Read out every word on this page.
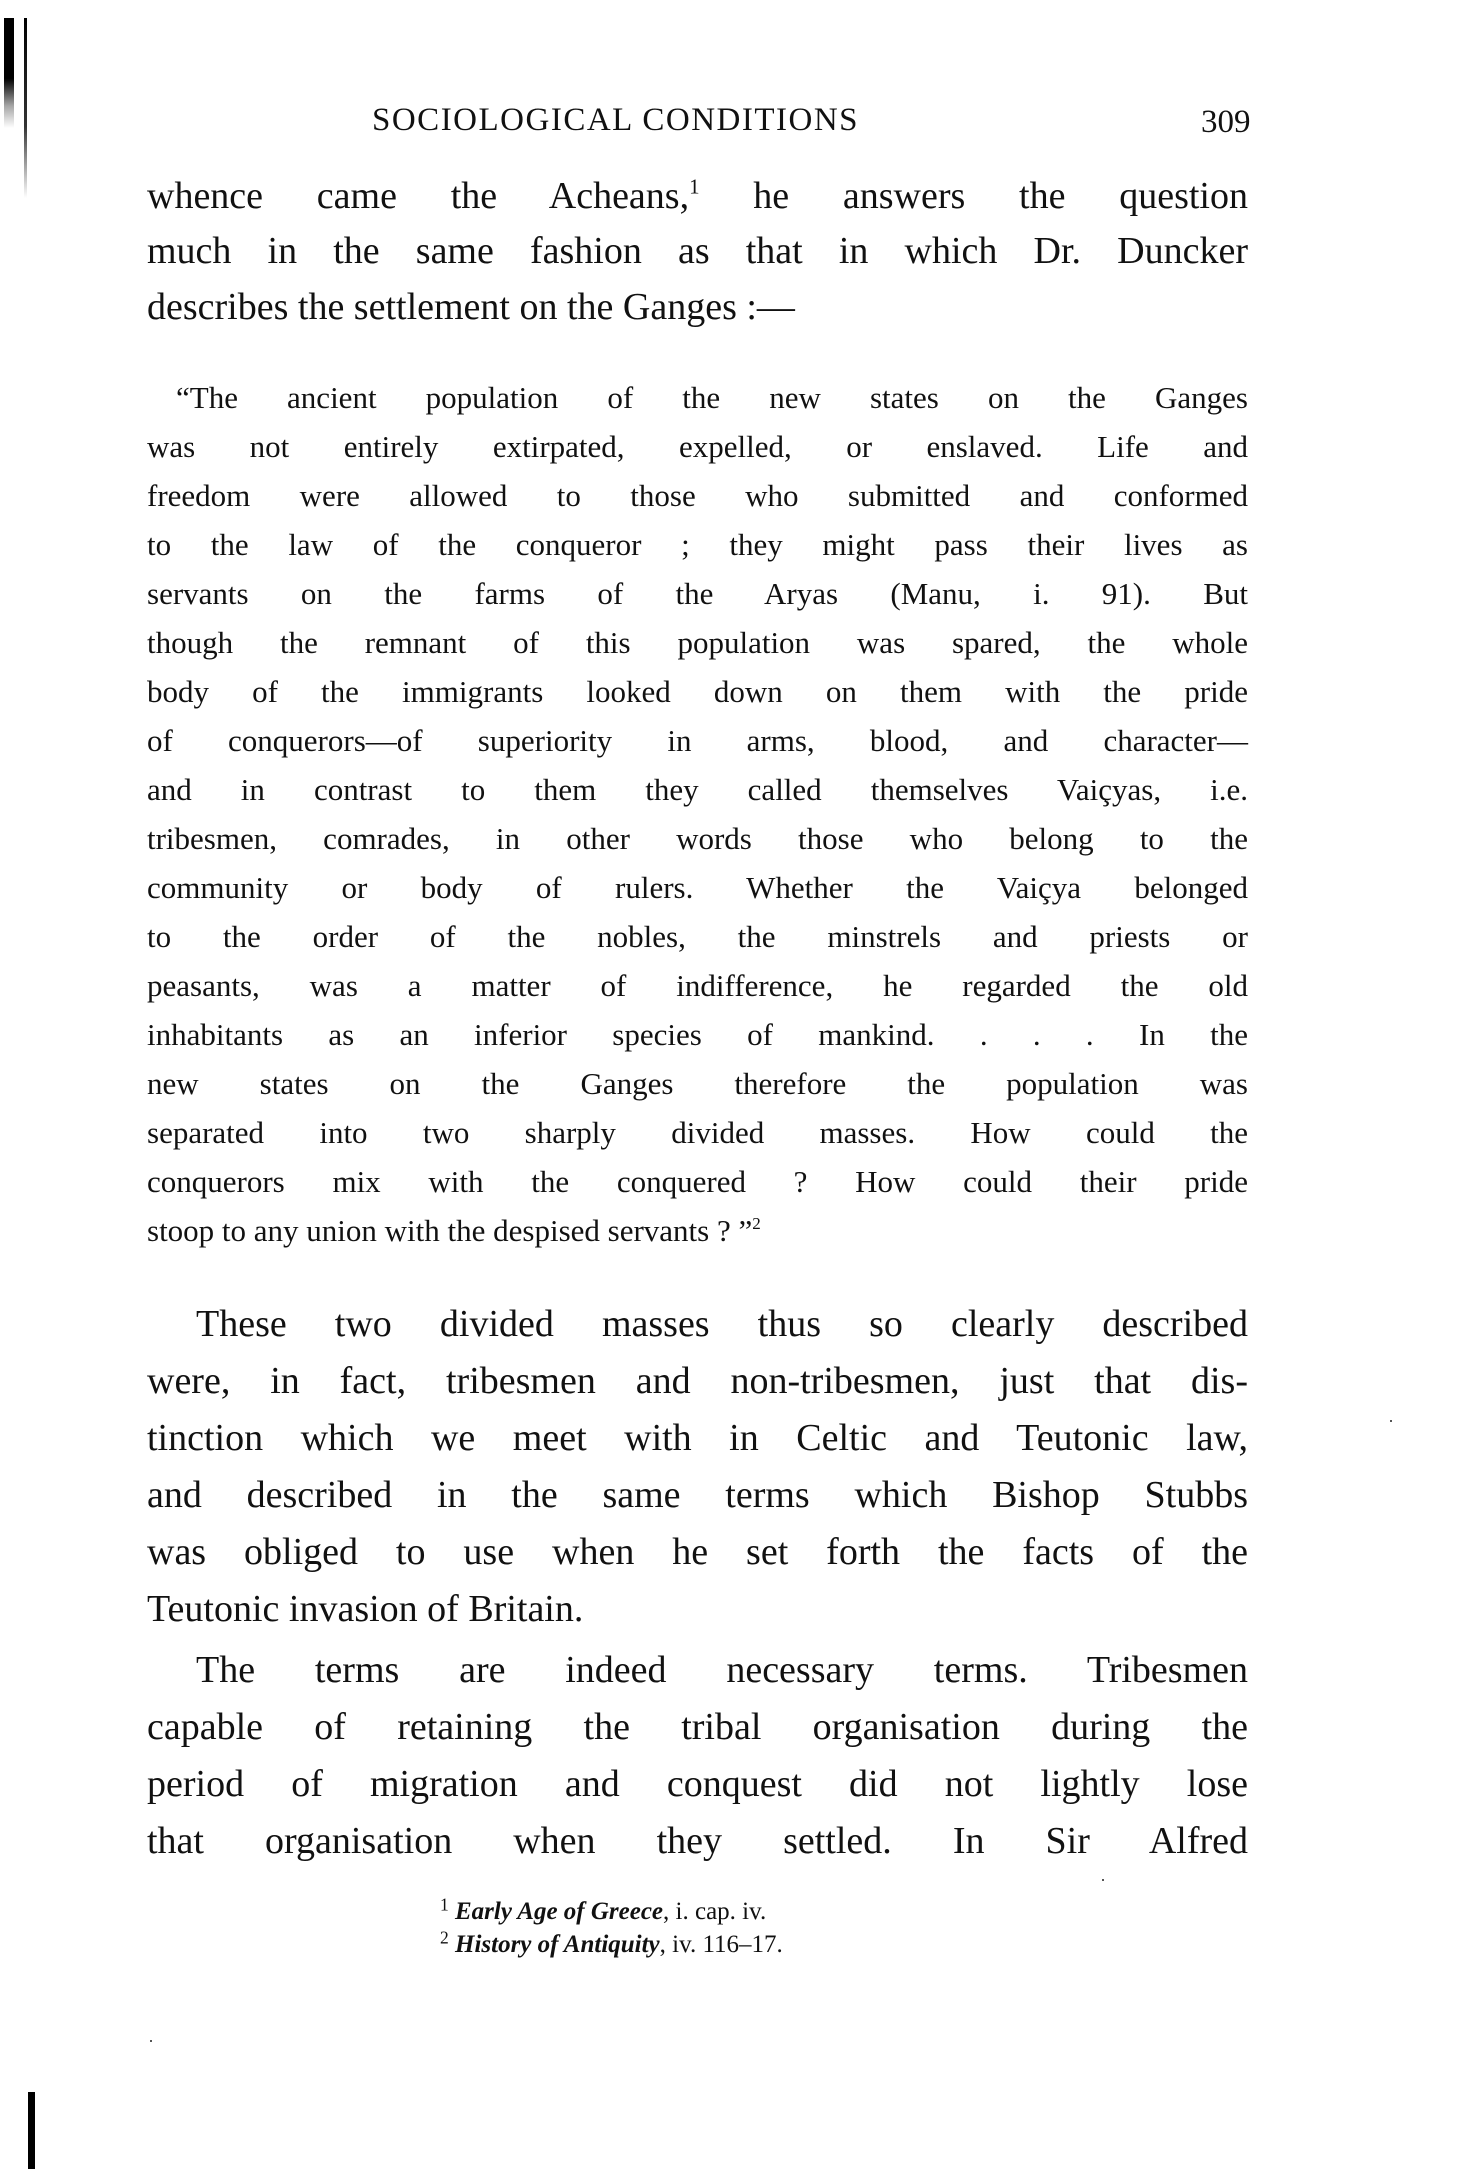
SOCIOLOGICAL CONDITIONS	309
whence came the Acheans,$^1$ he answers the question
much in the same fashion as that in which Dr. Duncker
describes the settlement on the Ganges :—
“The ancient population of the new states on the Ganges
was not entirely extirpated, expelled, or enslaved. Life and
freedom were allowed to those who submitted and conformed
to the law of the conqueror ; they might pass their lives as
servants on the farms of the Aryas (Manu, i. 91). But
though the remnant of this population was spared, the whole
body of the immigrants looked down on them with the pride
of conquerors—of superiority in arms, blood, and character—
and in contrast to them they called themselves Vaiçyas, i.e.
tribesmen, comrades, in other words those who belong to the
community or body of rulers. Whether the Vaiçya belonged
to the order of the nobles, the minstrels and priests or
peasants, was a matter of indifference, he regarded the old
inhabitants as an inferior species of mankind. . . . In the
new states on the Ganges therefore the population was
separated into two sharply divided masses. How could the
conquerors mix with the conquered ? How could their pride
stoop to any union with the despised servants ? ”$^2$
These two divided masses thus so clearly described
were, in fact, tribesmen and non-tribesmen, just that dis-
tinction which we meet with in Celtic and Teutonic law,
and described in the same terms which Bishop Stubbs
was obliged to use when he set forth the facts of the
Teutonic invasion of Britain.
The terms are indeed necessary terms. Tribesmen
capable of retaining the tribal organisation during the
period of migration and conquest did not lightly lose
that organisation when they settled. In Sir Alfred
$^1$ Early Age of Greece, i. cap. iv.
$^2$ History of Antiquity, iv. 116–17.
